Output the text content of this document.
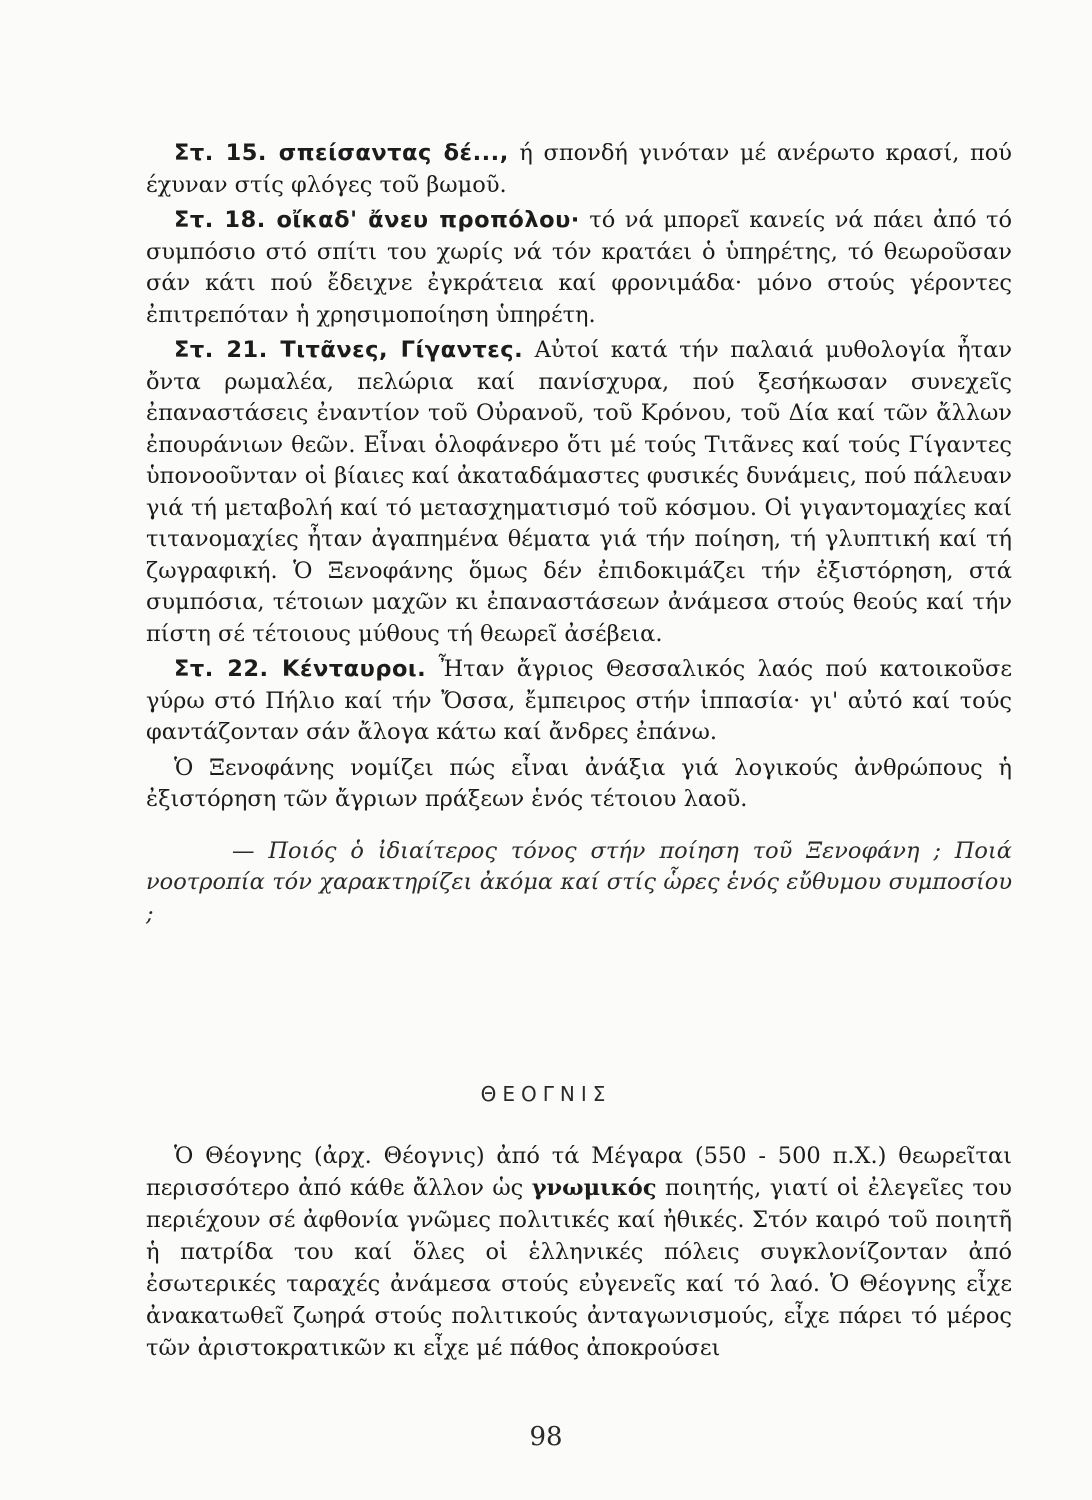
Στ. 15. σπείσαντας δέ..., ή σπονδή γινόταν μέ ανέρωτο κρασί, πού έχυναν στίς φλόγες τοῦ βωμοῦ.

Στ. 18. οἴκαδ' ἄνευ προπόλου· τό νά μπορεῖ κανείς νά πάει ἀπό τό συμπόσιο στό σπίτι του χωρίς νά τόν κρατάει ὁ ὑπηρέτης, τό θεωροῦσαν σάν κάτι πού ἔδειχνε ἐγκράτεια καί φρονιμάδα· μόνο στούς γέροντες ἐπιτρεπόταν ἡ χρησιμοποίηση ὑπηρέτη.

Στ. 21. Τιτᾶνες, Γίγαντες. Αὐτοί κατά τήν παλαιά μυθολογία ἦταν ὄντα ρωμαλέα, πελώρια καί πανίσχυρα, πού ξεσήκωσαν συνεχεῖς ἐπαναστάσεις ἐναντίον τοῦ Οὐρανοῦ, τοῦ Κρόνου, τοῦ Δία καί τῶν ἄλλων ἐπουράνιων θεῶν. Εἶναι ὁλοφάνερο ὅτι μέ τούς Τιτᾶνες καί τούς Γίγαντες ὑπονοοῦνταν οἱ βίαιες καί ἀκαταδάμαστες φυσικές δυνάμεις, πού πάλευαν γιά τή μεταβολή καί τό μετασχηματισμό τοῦ κόσμου. Οἱ γιγαντομαχίες καί τιτανομαχίες ἦταν ἀγαπημένα θέματα γιά τήν ποίηση, τή γλυπτική καί τή ζωγραφική. Ὁ Ξενοφάνης ὅμως δέν ἐπιδοκιμάζει τήν ἐξιστόρηση, στά συμπόσια, τέτοιων μαχῶν κι ἐπαναστάσεων ἀνάμεσα στούς θεούς καί τήν πίστη σέ τέτοιους μύθους τή θεωρεῖ ἀσέβεια.

Στ. 22. Κένταυροι. Ἦταν ἄγριος Θεσσαλικός λαός πού κατοικοῦσε γύρω στό Πήλιο καί τήν Ὄσσα, ἔμπειρος στήν ἱππασία· γι' αὐτό καί τούς φαντάζονταν σάν ἄλογα κάτω καί ἄνδρες ἐπάνω.

Ὁ Ξενοφάνης νομίζει πώς εἶναι ἀνάξια γιά λογικούς ἀνθρώπους ἡ ἐξιστόρηση τῶν ἄγριων πράξεων ἑνός τέτοιου λαοῦ.

— Ποιός ὁ ἰδιαίτερος τόνος στήν ποίηση τοῦ Ξενοφάνη ; Ποιά νοοτροπία τόν χαρακτηρίζει ἀκόμα καί στίς ὧρες ἑνός εὔθυμου συμποσίου ;

ΘΕΟΓΝΙΣ

Ὁ Θέογνης (ἀρχ. Θέογνις) ἀπό τά Μέγαρα (550 - 500 π.Χ.) θεωρεῖται περισσότερο ἀπό κάθε ἄλλον ὡς γνωμικός ποιητής, γιατί οἱ ἐλεγεῖες του περιέχουν σέ ἀφθονία γνῶμες πολιτικές καί ἠθικές. Στόν καιρό τοῦ ποιητῆ ἡ πατρίδα του καί ὅλες οἱ ἑλληνικές πόλεις συγκλονίζονταν ἀπό ἐσωτερικές ταραχές ἀνάμεσα στούς εὐγενεῖς καί τό λαό. Ὁ Θέογνης εἶχε ἀνακατωθεῖ ζωηρά στούς πολιτικούς ἀνταγωνισμούς, εἶχε πάρει τό μέρος τῶν ἀριστοκρατικῶν κι εἶχε μέ πάθος ἀποκρούσει

98
